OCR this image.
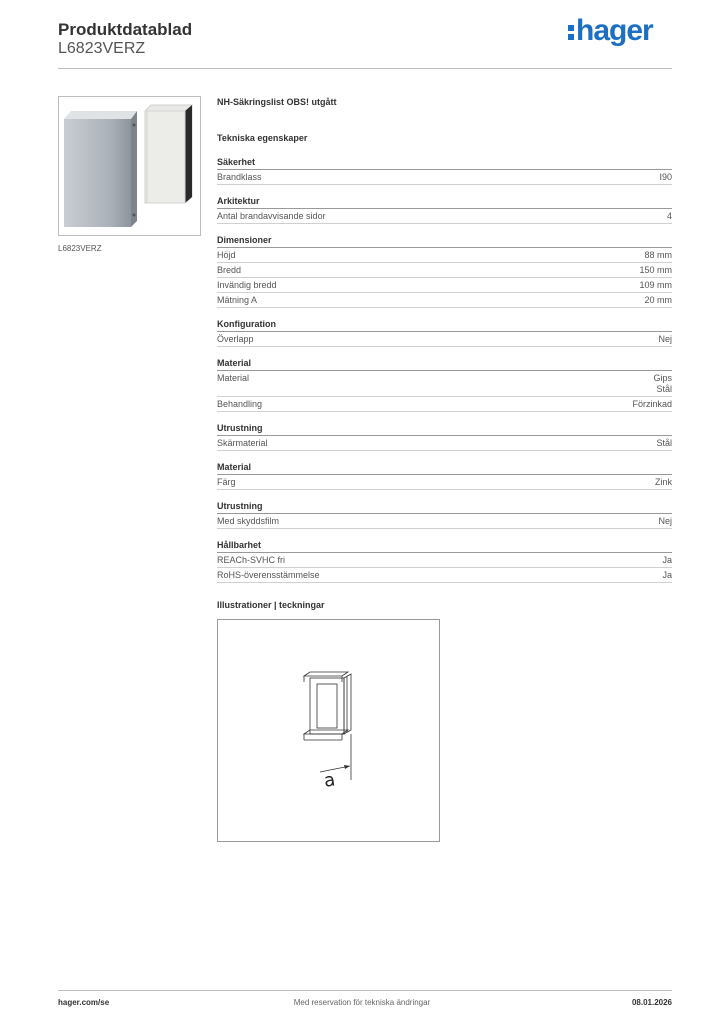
Produktdatablad
L6823VERZ
hager
L6823VERZ
NH-Säkringslist OBS! utgått
Tekniska egenskaper
Säkerhet
Brandklass	I90
Arkitektur
Antal brandavvisande sidor	4
Dimensioner
Höjd	88 mm
Bredd	150 mm
Invändig bredd	109 mm
Mätning A	20 mm
Konfiguration
Överlapp	Nej
Material
Material	Gips
Stål
Behandling	Förzinkad
Utrustning
Skärmaterial	Stål
Material
Färg	Zink
Utrustning
Med skyddsfilm	Nej
Hållbarhet
REACh-SVHC fri	Ja
RoHS-överensstämmelse	Ja
Illustrationer | teckningar
a
hager.com/se	Med reservation för tekniska ändringar	08.01.2026
